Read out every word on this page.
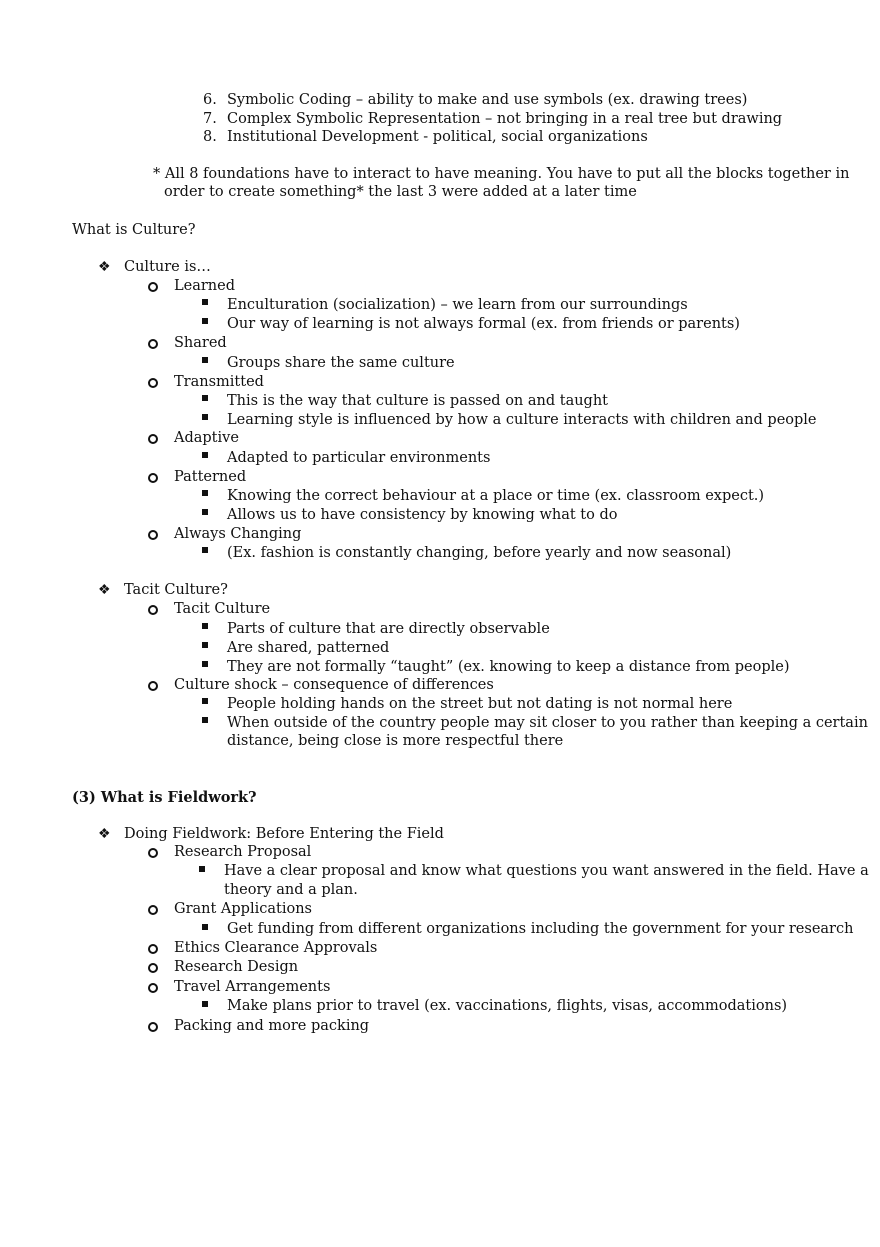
6. Symbolic Coding – ability to make and use symbols (ex. drawing trees)
7. Complex Symbolic Representation – not bringing in a real tree but drawing
8. Institutional Development - political, social organizations
* All 8 foundations have to interact to have meaning. You have to put all the blocks together in
order to create something* the last 3 were added at a later time
What is Culture?
❖ Culture is…
Learned
Enculturation (socialization) – we learn from our surroundings
Our way of learning is not always formal (ex. from friends or parents)
Shared
Groups share the same culture
Transmitted
This is the way that culture is passed on and taught
Learning style is influenced by how a culture interacts with children and people
Adaptive
Adapted to particular environments
Patterned
Knowing the correct behaviour at a place or time (ex. classroom expect.)
Allows us to have consistency by knowing what to do
Always Changing
(Ex. fashion is constantly changing, before yearly and now seasonal)
❖ Tacit Culture?
Tacit Culture
Parts of culture that are directly observable
Are shared, patterned
They are not formally “taught” (ex. knowing to keep a distance from people)
Culture shock – consequence of differences
People holding hands on the street but not dating is not normal here
When outside of the country people may sit closer to you rather than keeping a certain
distance, being close is more respectful there
(3) What is Fieldwork?
❖ Doing Fieldwork: Before Entering the Field
Research Proposal
Have a clear proposal and know what questions you want answered in the field. Have a
theory and a plan.
Grant Applications
Get funding from different organizations including the government for your research
Ethics Clearance Approvals
Research Design
Travel Arrangements
Make plans prior to travel (ex. vaccinations, flights, visas, accommodations)
Packing and more packing
